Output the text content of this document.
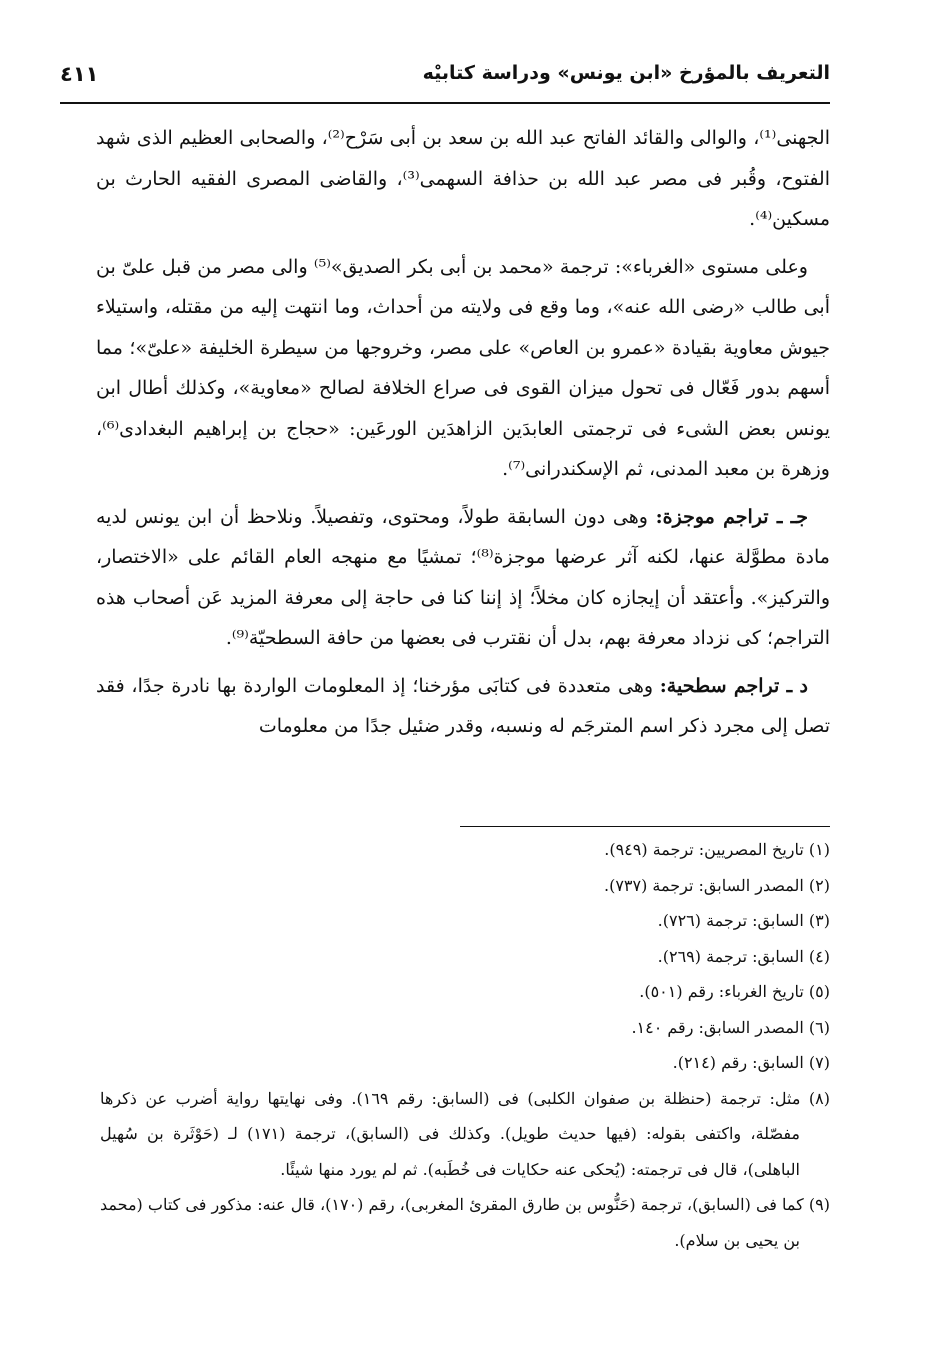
التعريف بالمؤرخ «ابن يونس» ودراسة كتابيْه
٤١١

الجهنى⁽¹⁾، والوالى والقائد الفاتح عبد الله بن سعد بن أبى سَرْح⁽²⁾، والصحابى العظيم الذى شهد الفتوح، وقُبر فى مصر عبد الله بن حذافة السهمى⁽³⁾، والقاضى المصرى الفقيه الحارث بن مسكين⁽⁴⁾.

وعلى مستوى «الغرباء»: ترجمة «محمد بن أبى بكر الصديق»⁽⁵⁾ والى مصر من قبل علىّ بن أبى طالب «رضى الله عنه»، وما وقع فى ولايته من أحداث، وما انتهت إليه من مقتله، واستيلاء جيوش معاوية بقيادة «عمرو بن العاص» على مصر، وخروجها من سيطرة الخليفة «علىّ»؛ مما أسهم بدور فَعّال فى تحول ميزان القوى فى صراع الخلافة لصالح «معاوية»، وكذلك أطال ابن يونس بعض الشىء فى ترجمتى العابدَين الزاهدَين الورعَين: «حجاج بن إبراهيم البغدادى⁽⁶⁾، وزهرة بن معبد المدنى، ثم الإسكندرانى⁽⁷⁾.

جـ ـ تراجم موجزة: وهى دون السابقة طولاً، ومحتوى، وتفصيلاً. ونلاحظ أن ابن يونس لديه مادة مطوَّلة عنها، لكنه آثر عرضها موجزة⁽⁸⁾؛ تمشيًا مع منهجه العام القائم على «الاختصار، والتركيز». وأعتقد أن إيجازه كان مخلاً؛ إذ إننا كنا فى حاجة إلى معرفة المزيد عَن أصحاب هذه التراجم؛ كى نزداد معرفة بهم، بدل أن نقترب فى بعضها من حافة السطحيّة⁽⁹⁾.

د ـ تراجم سطحية: وهى متعددة فى كتابَى مؤرخنا؛ إذ المعلومات الواردة بها نادرة جدًا، فقد تصل إلى مجرد ذكر اسم المترجَم له ونسبه، وقدر ضئيل جدًا من معلومات

(١) تاريخ المصريين: ترجمة (٩٤٩).

(٢) المصدر السابق: ترجمة (٧٣٧).

(٣) السابق: ترجمة (٧٢٦).

(٤) السابق: ترجمة (٢٦٩).

(٥) تاريخ الغرباء: رقم (٥٠١).

(٦) المصدر السابق: رقم ١٤٠.

(٧) السابق: رقم (٢١٤).

(٨) مثل: ترجمة (حنظلة بن صفوان الكلبى) فى (السابق: رقم ١٦٩). وفى نهايتها رواية أضرب عن ذكرها مفصّلة، واكتفى بقوله: (فيها حديث طويل). وكذلك فى (السابق)، ترجمة (١٧١) لـ (حَوْثَرة بن سُهيل الباهلى)، قال فى ترجمته: (يُحكى عنه حكايات فى خُطَبه). ثم لم يورد منها شيئًا.

(٩) كما فى (السابق)، ترجمة (حَنُّوس بن طارق المقرئ المغربى)، رقم (١٧٠)، قال عنه: مذكور فى كتاب (محمد بن يحيى بن سلام).
